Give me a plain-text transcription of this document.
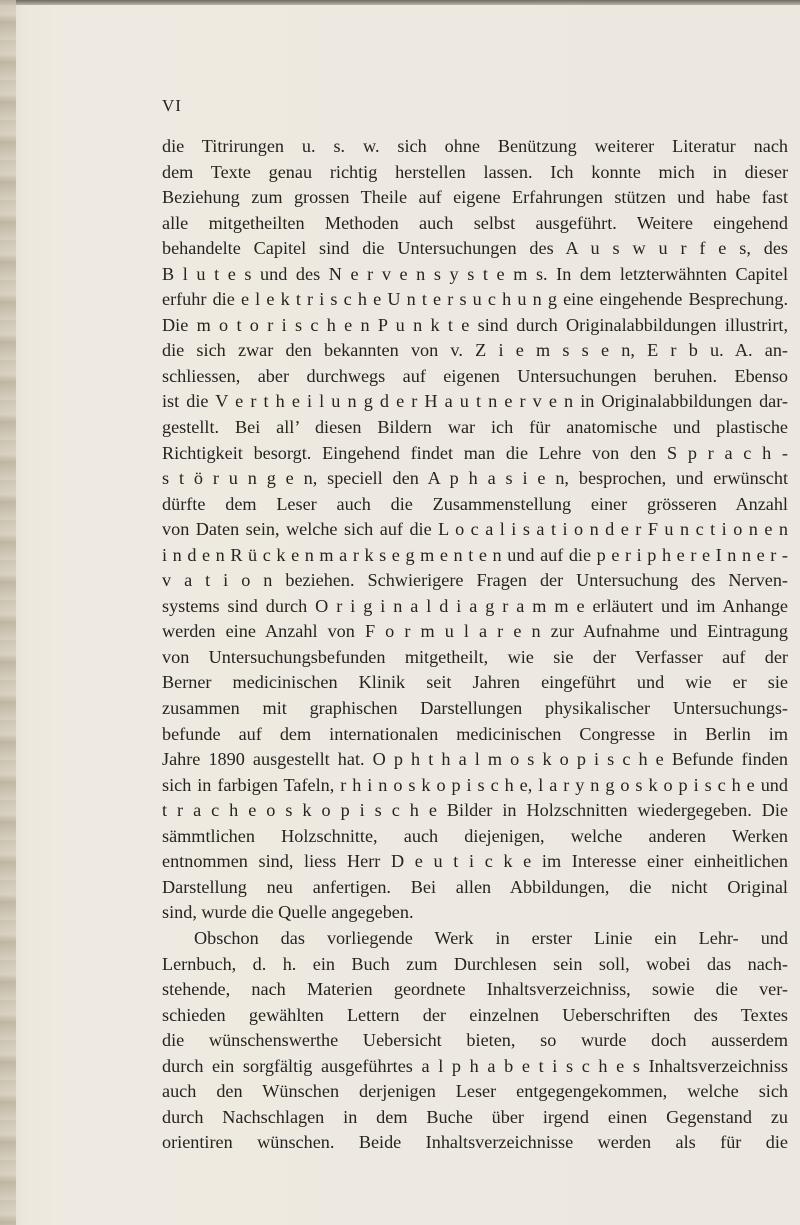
VI
die Titrirungen u. s. w. sich ohne Benützung weiterer Literatur nach
dem Texte genau richtig herstellen lassen. Ich konnte mich in dieser
Beziehung zum grossen Theile auf eigene Erfahrungen stützen und habe fast
alle mitgetheilten Methoden auch selbst ausgeführt. Weitere eingehend
behandelte Capitel sind die Untersuchungen des A u s w u r f e s, des
B l u t e s und des N e r v e n s y s t e m s. In dem letzterwähnten Capitel
erfuhr die e l e k t r i s c h e U n t e r s u c h u n g eine eingehende Besprechung.
Die m o t o r i s c h e n P u n k t e sind durch Originalabbildungen illustrirt,
die sich zwar den bekannten von v. Z i e m s s e n, E r b u. A. an-
schliessen, aber durchwegs auf eigenen Untersuchungen beruhen. Ebenso
ist die V e r t h e i l u n g d e r H a u t n e r v e n in Originalabbildungen dar-
gestellt. Bei all’ diesen Bildern war ich für anatomische und plastische
Richtigkeit besorgt. Eingehend findet man die Lehre von den S p r a c h -
s t ö r u n g e n, speciell den A p h a s i e n, besprochen, und erwünscht
dürfte dem Leser auch die Zusammenstellung einer grösseren Anzahl
von Daten sein, welche sich auf die L o c a l i s a t i o n d e r F u n c t i o n e n
i n d e n R ü c k e n m a r k s e g m e n t e n und auf die p e r i p h e r e I n n e r -
v a t i o n beziehen. Schwierigere Fragen der Untersuchung des Nerven-
systems sind durch O r i g i n a l d i a g r a m m e erläutert und im Anhange
werden eine Anzahl von F o r m u l a r e n zur Aufnahme und Eintragung
von Untersuchungsbefunden mitgetheilt, wie sie der Verfasser auf der
Berner medicinischen Klinik seit Jahren eingeführt und wie er sie
zusammen mit graphischen Darstellungen physikalischer Untersuchungs-
befunde auf dem internationalen medicinischen Congresse in Berlin im
Jahre 1890 ausgestellt hat. O p h t h a l m o s k o p i s c h e Befunde finden
sich in farbigen Tafeln, r h i n o s k o p i s c h e, l a r y n g o s k o p i s c h e und
t r a c h e o s k o p i s c h e Bilder in Holzschnitten wiedergegeben. Die
sämmtlichen Holzschnitte, auch diejenigen, welche anderen Werken
entnommen sind, liess Herr D e u t i c k e im Interesse einer einheitlichen
Darstellung neu anfertigen. Bei allen Abbildungen, die nicht Original
sind, wurde die Quelle angegeben.
Obschon das vorliegende Werk in erster Linie ein Lehr- und
Lernbuch, d. h. ein Buch zum Durchlesen sein soll, wobei das nach-
stehende, nach Materien geordnete Inhaltsverzeichniss, sowie die ver-
schieden gewählten Lettern der einzelnen Ueberschriften des Textes
die wünschenswerthe Uebersicht bieten, so wurde doch ausserdem
durch ein sorgfältig ausgeführtes a l p h a b e t i s c h e s Inhaltsverzeichniss
auch den Wünschen derjenigen Leser entgegengekommen, welche sich
durch Nachschlagen in dem Buche über irgend einen Gegenstand zu
orientiren wünschen. Beide Inhaltsverzeichnisse werden als für die
